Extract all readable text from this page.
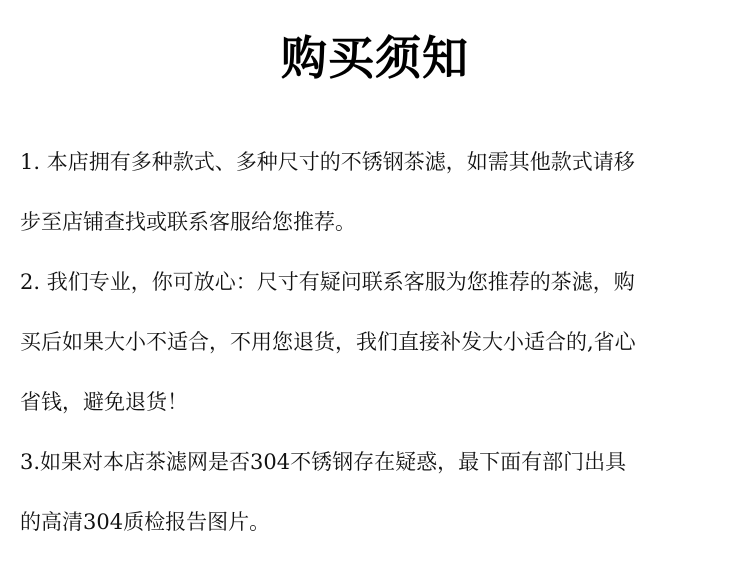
购买须知

1. 本店拥有多种款式、多种尺寸的不锈钢茶滤，如需其他款式请移

步至店铺查找或联系客服给您推荐。

2. 我们专业，你可放心：尺寸有疑问联系客服为您推荐的茶滤，购

买后如果大小不适合，不用您退货，我们直接补发大小适合的,省心

省钱，避免退货！

3.如果对本店茶滤网是否304不锈钢存在疑惑，最下面有部门出具

的高清304质检报告图片。
